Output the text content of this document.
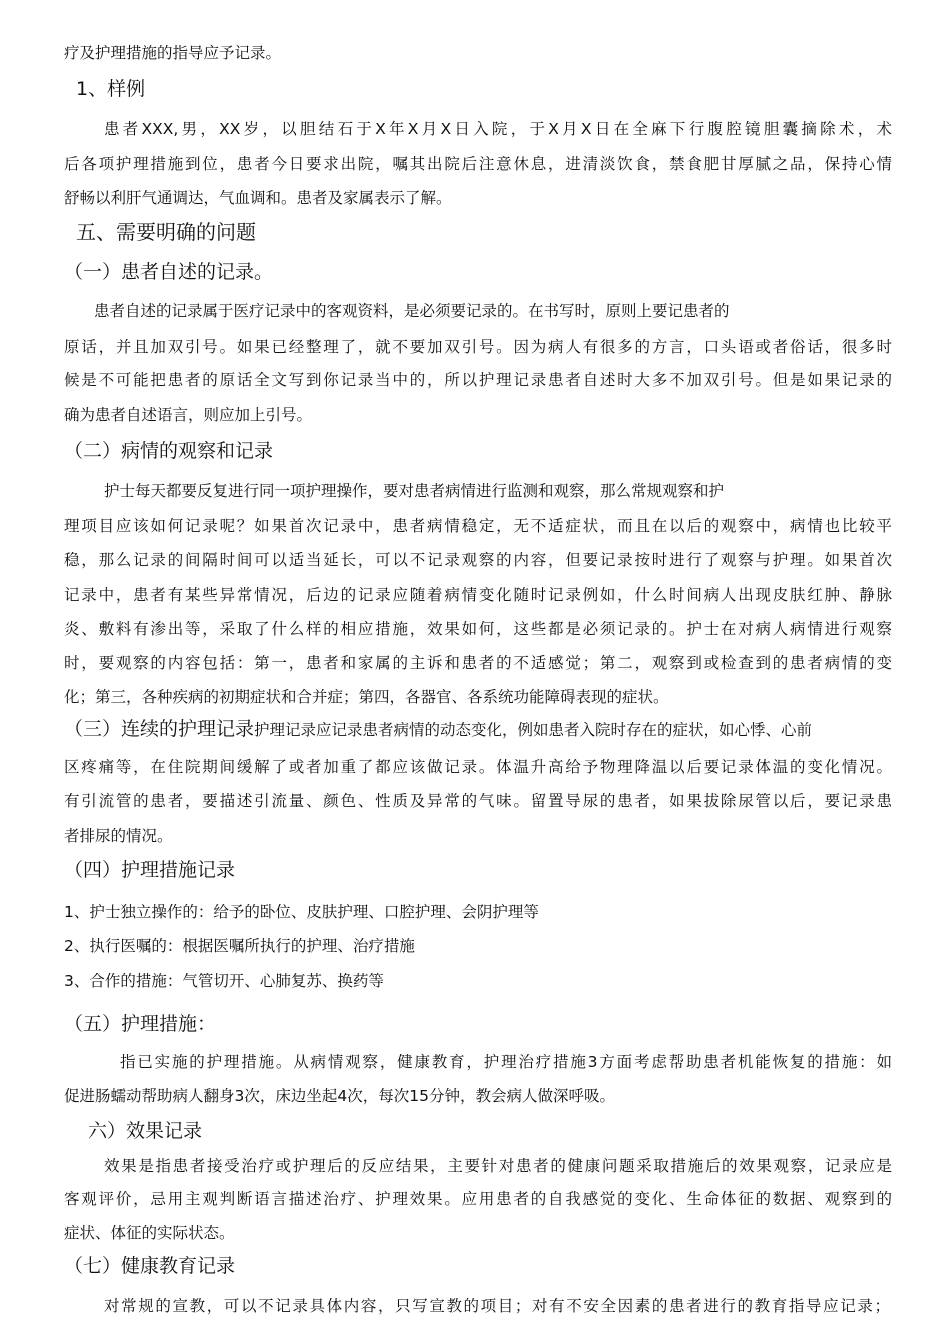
疗及护理措施的指导应予记录。
1、样例
患者XXX,男，XX岁，以胆结石于X年X月X日入院，于X月X日在全麻下行腹腔镜胆囊摘除术，术
后各项护理措施到位，患者今日要求出院，嘱其出院后注意休息，进清淡饮食，禁食肥甘厚腻之品，保持心情
舒畅以利肝气通调达，气血调和。患者及家属表示了解。
五、需要明确的问题
（一）患者自述的记录。
患者自述的记录属于医疗记录中的客观资料，是必须要记录的。在书写时，原则上要记患者的
原话，并且加双引号。如果已经整理了，就不要加双引号。因为病人有很多的方言，口头语或者俗话，很多时
候是不可能把患者的原话全文写到你记录当中的，所以护理记录患者自述时大多不加双引号。但是如果记录的
确为患者自述语言，则应加上引号。
（二）病情的观察和记录
护士每天都要反复进行同一项护理操作，要对患者病情进行监测和观察，那么常规观察和护
理项目应该如何记录呢？如果首次记录中，患者病情稳定，无不适症状，而且在以后的观察中，病情也比较平
稳，那么记录的间隔时间可以适当延长，可以不记录观察的内容，但要记录按时进行了观察与护理。如果首次
记录中，患者有某些异常情况，后边的记录应随着病情变化随时记录例如，什么时间病人出现皮肤红肿、静脉
炎、敷料有渗出等，采取了什么样的相应措施，效果如何，这些都是必须记录的。护士在对病人病情进行观察
时，要观察的内容包括：第一，患者和家属的主诉和患者的不适感觉；第二，观察到或检查到的患者病情的变
化；第三，各种疾病的初期症状和合并症；第四，各器官、各系统功能障碍表现的症状。
（三）连续的护理记录护理记录应记录患者病情的动态变化，例如患者入院时存在的症状，如心悸、心前
区疼痛等，在住院期间缓解了或者加重了都应该做记录。体温升高给予物理降温以后要记录体温的变化情况。
有引流管的患者，要描述引流量、颜色、性质及异常的气味。留置导尿的患者，如果拔除尿管以后，要记录患
者排尿的情况。
（四）护理措施记录
1、护士独立操作的：给予的卧位、皮肤护理、口腔护理、会阴护理等
2、执行医嘱的：根据医嘱所执行的护理、治疗措施
3、合作的措施：气管切开、心肺复苏、换药等
（五）护理措施：
指已实施的护理措施。从病情观察，健康教育，护理治疗措施3方面考虑帮助患者机能恢复的措施：如
促进肠蠕动帮助病人翻身3次，床边坐起4次，每次15分钟，教会病人做深呼吸。
六）效果记录
效果是指患者接受治疗或护理后的反应结果，主要针对患者的健康问题采取措施后的效果观察，记录应是
客观评价，忌用主观判断语言描述治疗、护理效果。应用患者的自我感觉的变化、生命体征的数据、观察到的
症状、体征的实际状态。
（七）健康教育记录
对常规的宣教，可以不记录具体内容，只写宣教的项目；对有不安全因素的患者进行的教育指导应记录；
